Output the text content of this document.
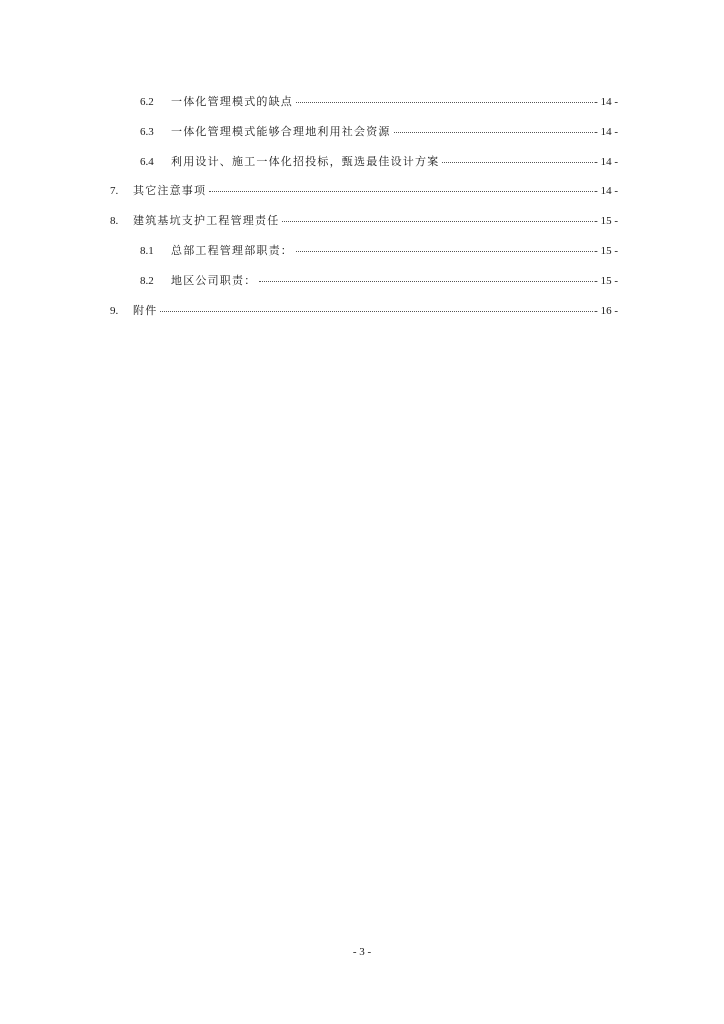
6.2	一体化管理模式的缺点	- 14 -
6.3	一体化管理模式能够合理地利用社会资源	- 14 -
6.4	利用设计、施工一体化招投标，甄选最佳设计方案	- 14 -
7.	其它注意事项	- 14 -
8.	建筑基坑支护工程管理责任	- 15 -
8.1	总部工程管理部职责：	- 15 -
8.2	地区公司职责：	- 15 -
9.	附件	- 16 -
- 3 -
